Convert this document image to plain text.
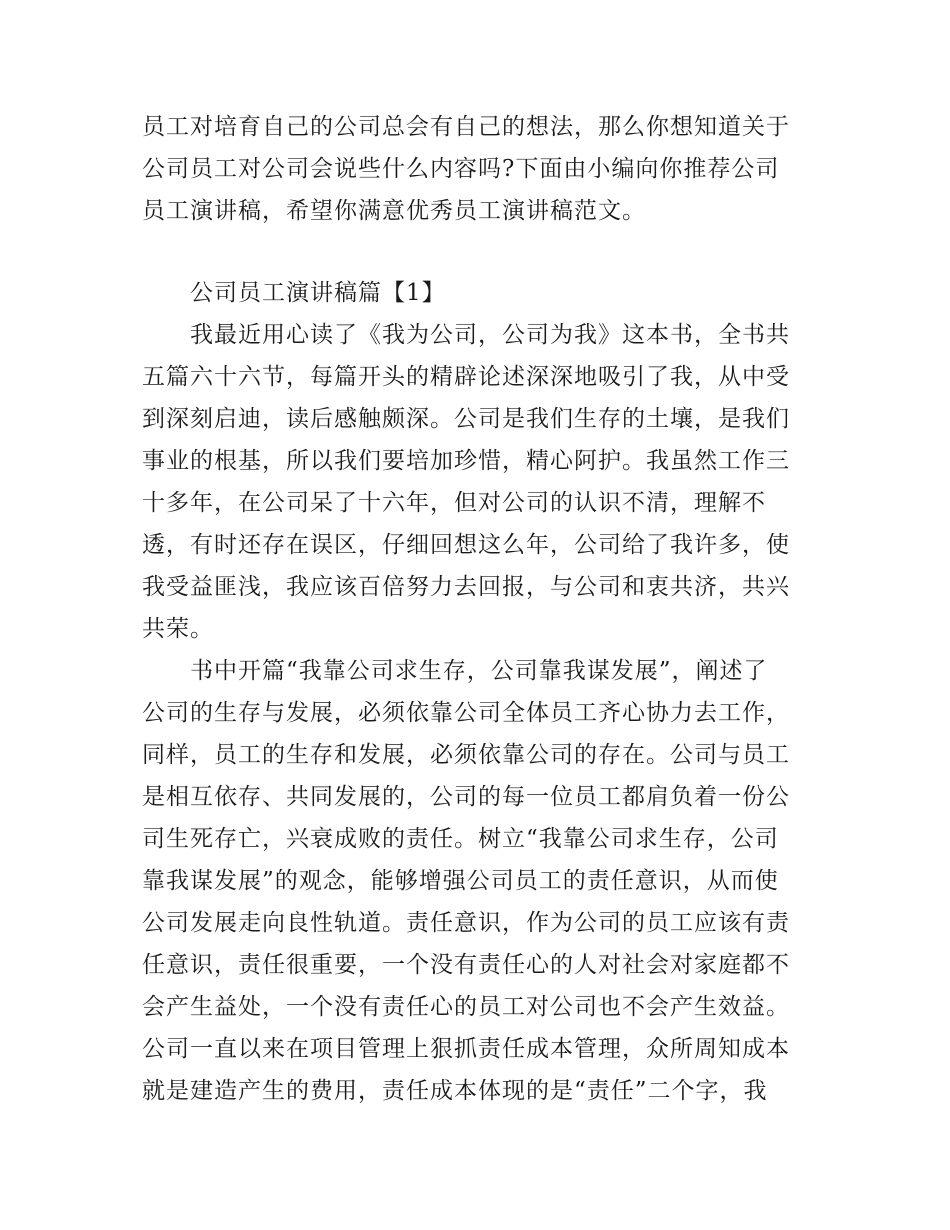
员工对培育自己的公司总会有自己的想法，那么你想知道关于
公司员工对公司会说些什么内容吗?下面由小编向你推荐公司
员工演讲稿，希望你满意优秀员工演讲稿范文。
公司员工演讲稿篇【1】
我最近用心读了《我为公司，公司为我》这本书，全书共
五篇六十六节，每篇开头的精辟论述深深地吸引了我，从中受
到深刻启迪，读后感触颇深。公司是我们生存的土壤，是我们
事业的根基，所以我们要培加珍惜，精心阿护。我虽然工作三
十多年，在公司呆了十六年，但对公司的认识不清，理解不
透，有时还存在误区，仔细回想这么年，公司给了我许多，使
我受益匪浅，我应该百倍努力去回报，与公司和衷共济，共兴
共荣。
书中开篇“我靠公司求生存，公司靠我谋发展”，阐述了
公司的生存与发展，必须依靠公司全体员工齐心协力去工作，
同样，员工的生存和发展，必须依靠公司的存在。公司与员工
是相互依存、共同发展的，公司的每一位员工都肩负着一份公
司生死存亡，兴衰成败的责任。树立“我靠公司求生存，公司
靠我谋发展”的观念，能够增强公司员工的责任意识，从而使
公司发展走向良性轨道。责任意识，作为公司的员工应该有责
任意识，责任很重要，一个没有责任心的人对社会对家庭都不
会产生益处，一个没有责任心的员工对公司也不会产生效益。
公司一直以来在项目管理上狠抓责任成本管理，众所周知成本
就是建造产生的费用，责任成本体现的是“责任”二个字，我
